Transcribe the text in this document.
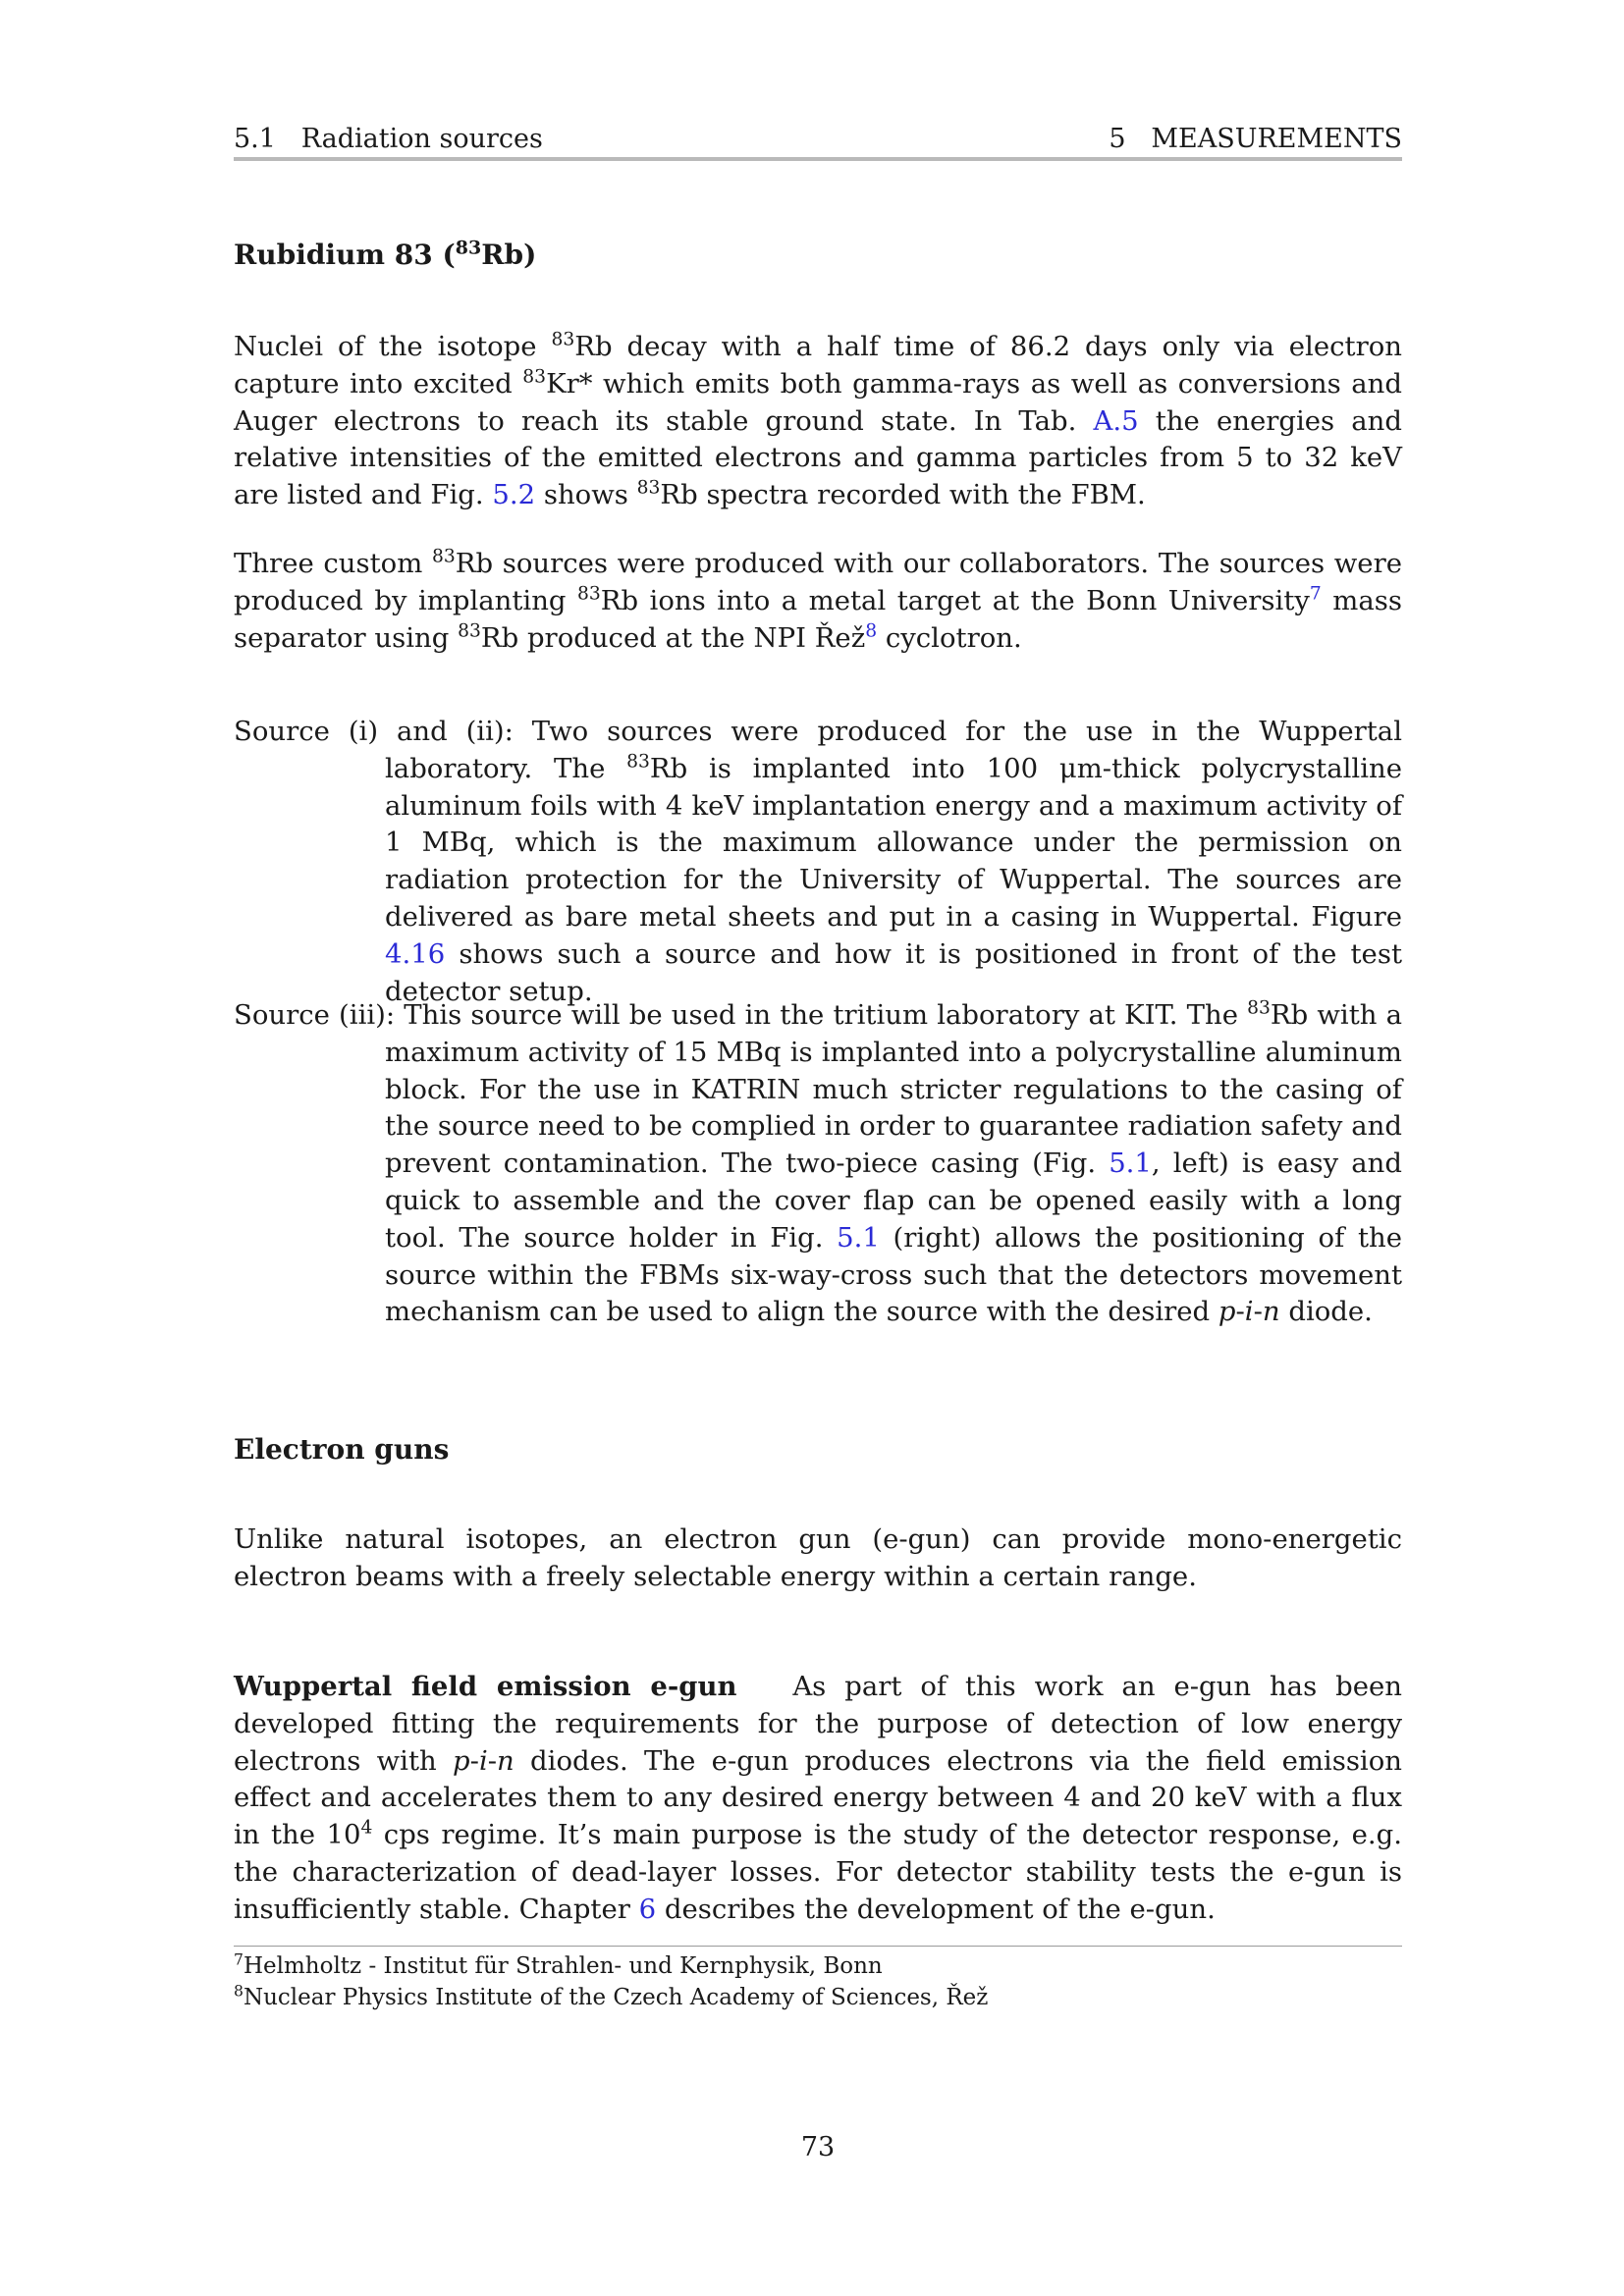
5.1 Radiation sources	5 MEASUREMENTS
Rubidium 83 ($^{83}$Rb)
Nuclei of the isotope $^{83}$Rb decay with a half time of 86.2 days only via electron capture into excited $^{83}$Kr* which emits both gamma-rays as well as conversions and Auger electrons to reach its stable ground state. In Tab. A.5 the energies and relative intensities of the emitted electrons and gamma particles from 5 to 32 keV are listed and Fig. 5.2 shows $^{83}$Rb spectra recorded with the FBM.
Three custom $^{83}$Rb sources were produced with our collaborators. The sources were produced by implanting $^{83}$Rb ions into a metal target at the Bonn University$^7$ mass separator using $^{83}$Rb produced at the NPI Řež$^8$ cyclotron.
Source (i) and (ii): Two sources were produced for the use in the Wuppertal laboratory. The $^{83}$Rb is implanted into 100 μm-thick polycrystalline aluminum foils with 4 keV implantation energy and a maximum activity of 1 MBq, which is the maximum allowance under the permission on radiation protection for the University of Wuppertal. The sources are delivered as bare metal sheets and put in a casing in Wuppertal. Figure 4.16 shows such a source and how it is positioned in front of the test detector setup.
Source (iii): This source will be used in the tritium laboratory at KIT. The $^{83}$Rb with a maximum activity of 15 MBq is implanted into a polycrystalline aluminum block. For the use in KATRIN much stricter regulations to the casing of the source need to be complied in order to guarantee radiation safety and prevent contamination. The two-piece casing (Fig. 5.1, left) is easy and quick to assemble and the cover flap can be opened easily with a long tool. The source holder in Fig. 5.1 (right) allows the positioning of the source within the FBMs six-way-cross such that the detectors movement mechanism can be used to align the source with the desired p-i-n diode.
Electron guns
Unlike natural isotopes, an electron gun (e-gun) can provide mono-energetic electron beams with a freely selectable energy within a certain range.
Wuppertal field emission e-gun As part of this work an e-gun has been developed fitting the requirements for the purpose of detection of low energy electrons with p-i-n diodes. The e-gun produces electrons via the field emission effect and accelerates them to any desired energy between 4 and 20 keV with a flux in the $10^4$ cps regime. It’s main purpose is the study of the detector response, e.g. the characterization of dead-layer losses. For detector stability tests the e-gun is insufficiently stable. Chapter 6 describes the development of the e-gun.
$^7$Helmholtz - Institut für Strahlen- und Kernphysik, Bonn
$^8$Nuclear Physics Institute of the Czech Academy of Sciences, Řež
73
